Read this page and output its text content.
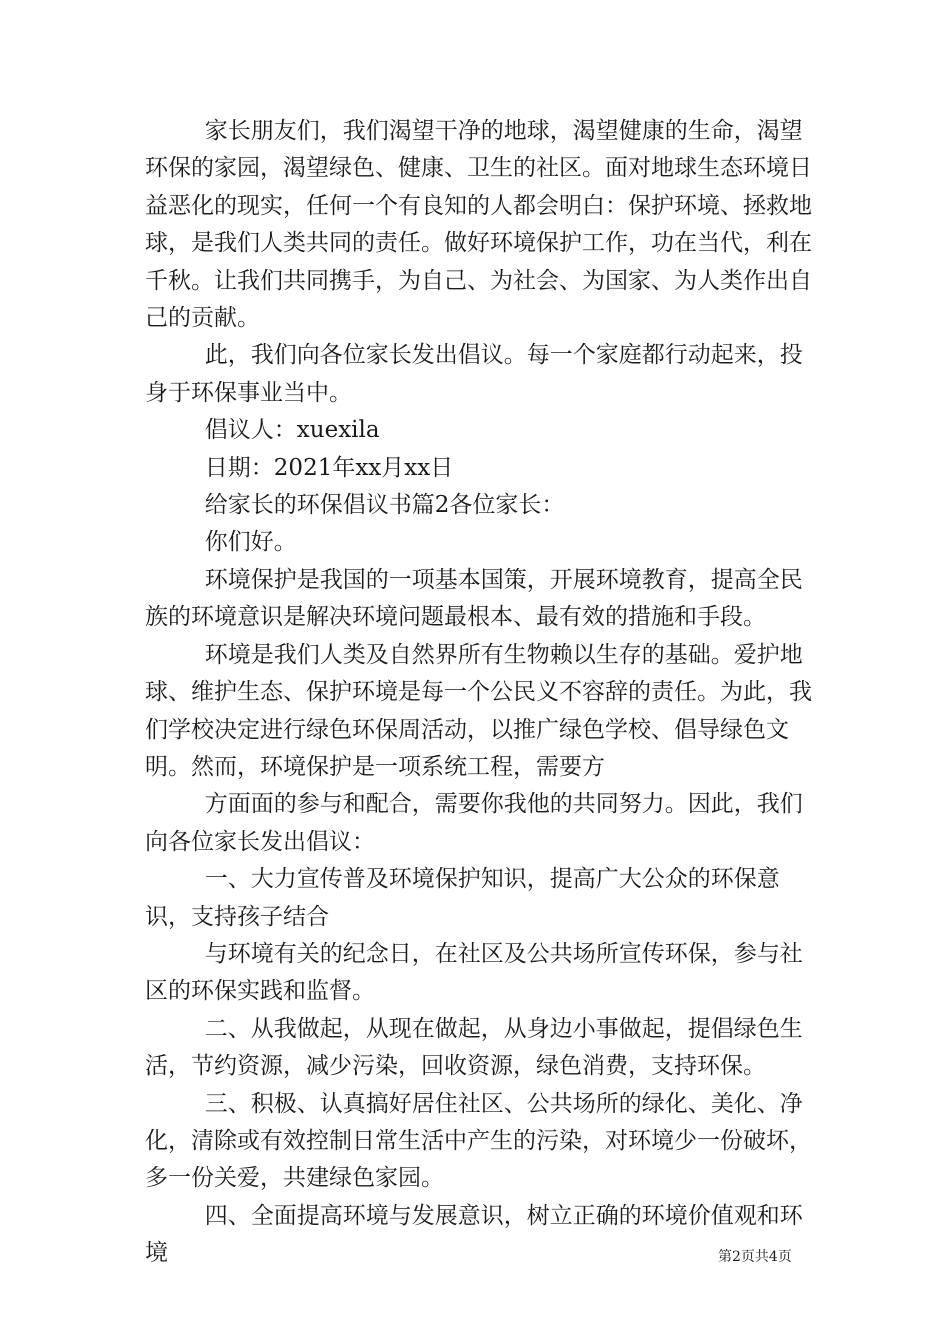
家长朋友们，我们渴望干净的地球，渴望健康的生命，渴望环保的家园，渴望绿色、健康、卫生的社区。面对地球生态环境日益恶化的现实，任何一个有良知的人都会明白：保护环境、拯救地球，是我们人类共同的责任。做好环境保护工作，功在当代，利在千秋。让我们共同携手，为自己、为社会、为国家、为人类作出自己的贡献。

此，我们向各位家长发出倡议。每一个家庭都行动起来，投身于环保事业当中。

倡议人：xuexila

日期：2021年xx月xx日

给家长的环保倡议书篇2各位家长：

你们好。

环境保护是我国的一项基本国策，开展环境教育，提高全民族的环境意识是解决环境问题最根本、最有效的措施和手段。

环境是我们人类及自然界所有生物赖以生存的基础。爱护地球、维护生态、保护环境是每一个公民义不容辞的责任。为此，我们学校决定进行绿色环保周活动，以推广绿色学校、倡导绿色文明。然而，环境保护是一项系统工程，需要方

方面面的参与和配合，需要你我他的共同努力。因此，我们向各位家长发出倡议：

一、大力宣传普及环境保护知识，提高广大公众的环保意识，支持孩子结合

与环境有关的纪念日，在社区及公共场所宣传环保，参与社区的环保实践和监督。

二、从我做起，从现在做起，从身边小事做起，提倡绿色生活，节约资源，减少污染，回收资源，绿色消费，支持环保。

三、积极、认真搞好居住社区、公共场所的绿化、美化、净化，清除或有效控制日常生活中产生的污染，对环境少一份破坏，多一份关爱，共建绿色家园。

四、全面提高环境与发展意识，树立正确的环境价值观和环境	第2页共4页
